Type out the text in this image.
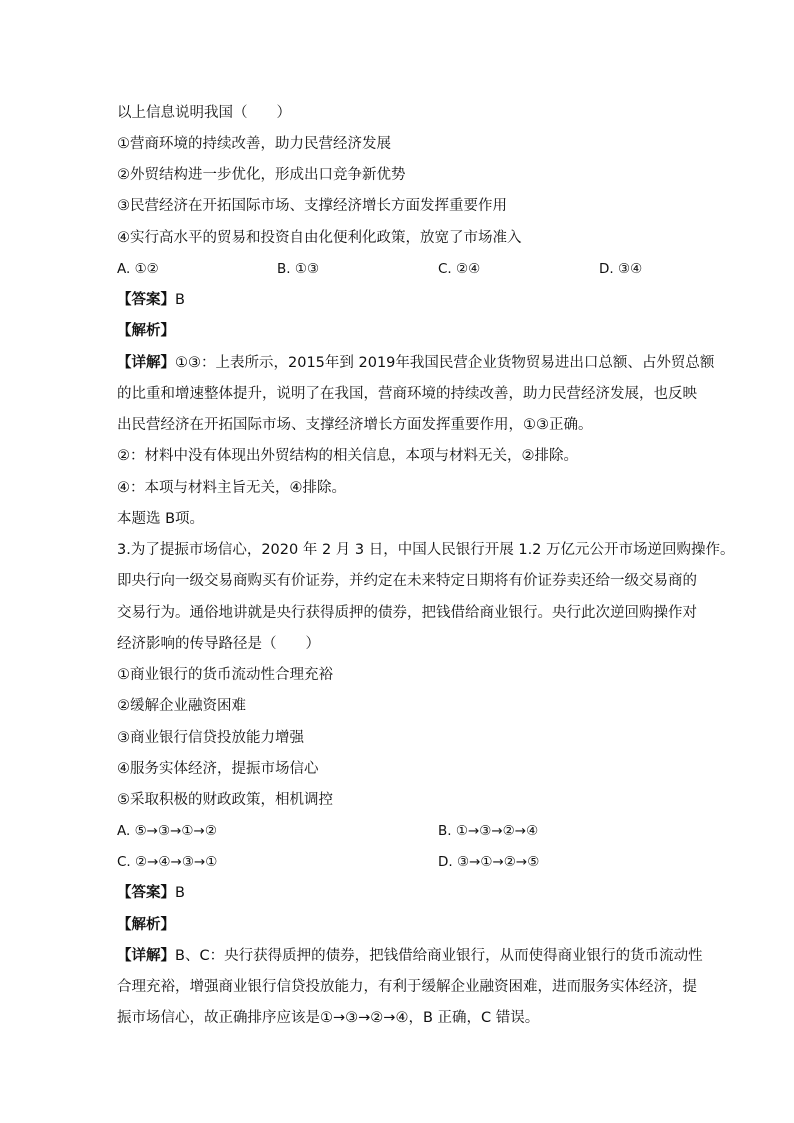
以上信息说明我国（　　）
①营商环境的持续改善，助力民营经济发展
②外贸结构进一步优化，形成出口竞争新优势
③民营经济在开拓国际市场、支撑经济增长方面发挥重要作用
④实行高水平的贸易和投资自由化便利化政策，放宽了市场准入
A. ①②	B. ①③	C. ②④	D. ③④
【答案】B
【解析】
【详解】①③：上表所示，2015年到 2019年我国民营企业货物贸易进出口总额、占外贸总额
的比重和增速整体提升，说明了在我国，营商环境的持续改善，助力民营经济发展，也反映
出民营经济在开拓国际市场、支撑经济增长方面发挥重要作用，①③正确。
②：材料中没有体现出外贸结构的相关信息，本项与材料无关，②排除。
④：本项与材料主旨无关，④排除。
本题选 B项。
3.为了提振市场信心，2020 年 2 月 3 日，中国人民银行开展 1.2 万亿元公开市场逆回购操作。
即央行向一级交易商购买有价证券，并约定在未来特定日期将有价证券卖还给一级交易商的
交易行为。通俗地讲就是央行获得质押的债券，把钱借给商业银行。央行此次逆回购操作对
经济影响的传导路径是（　　）
①商业银行的货币流动性合理充裕
②缓解企业融资困难
③商业银行信贷投放能力增强
④服务实体经济，提振市场信心
⑤采取积极的财政政策，相机调控
A. ⑤→③→①→②	B. ①→③→②→④
C. ②→④→③→①	D. ③→①→②→⑤
【答案】B
【解析】
【详解】B、C：央行获得质押的债券，把钱借给商业银行，从而使得商业银行的货币流动性
合理充裕，增强商业银行信贷投放能力，有利于缓解企业融资困难，进而服务实体经济，提
振市场信心，故正确排序应该是①→③→②→④，B 正确，C 错误。
